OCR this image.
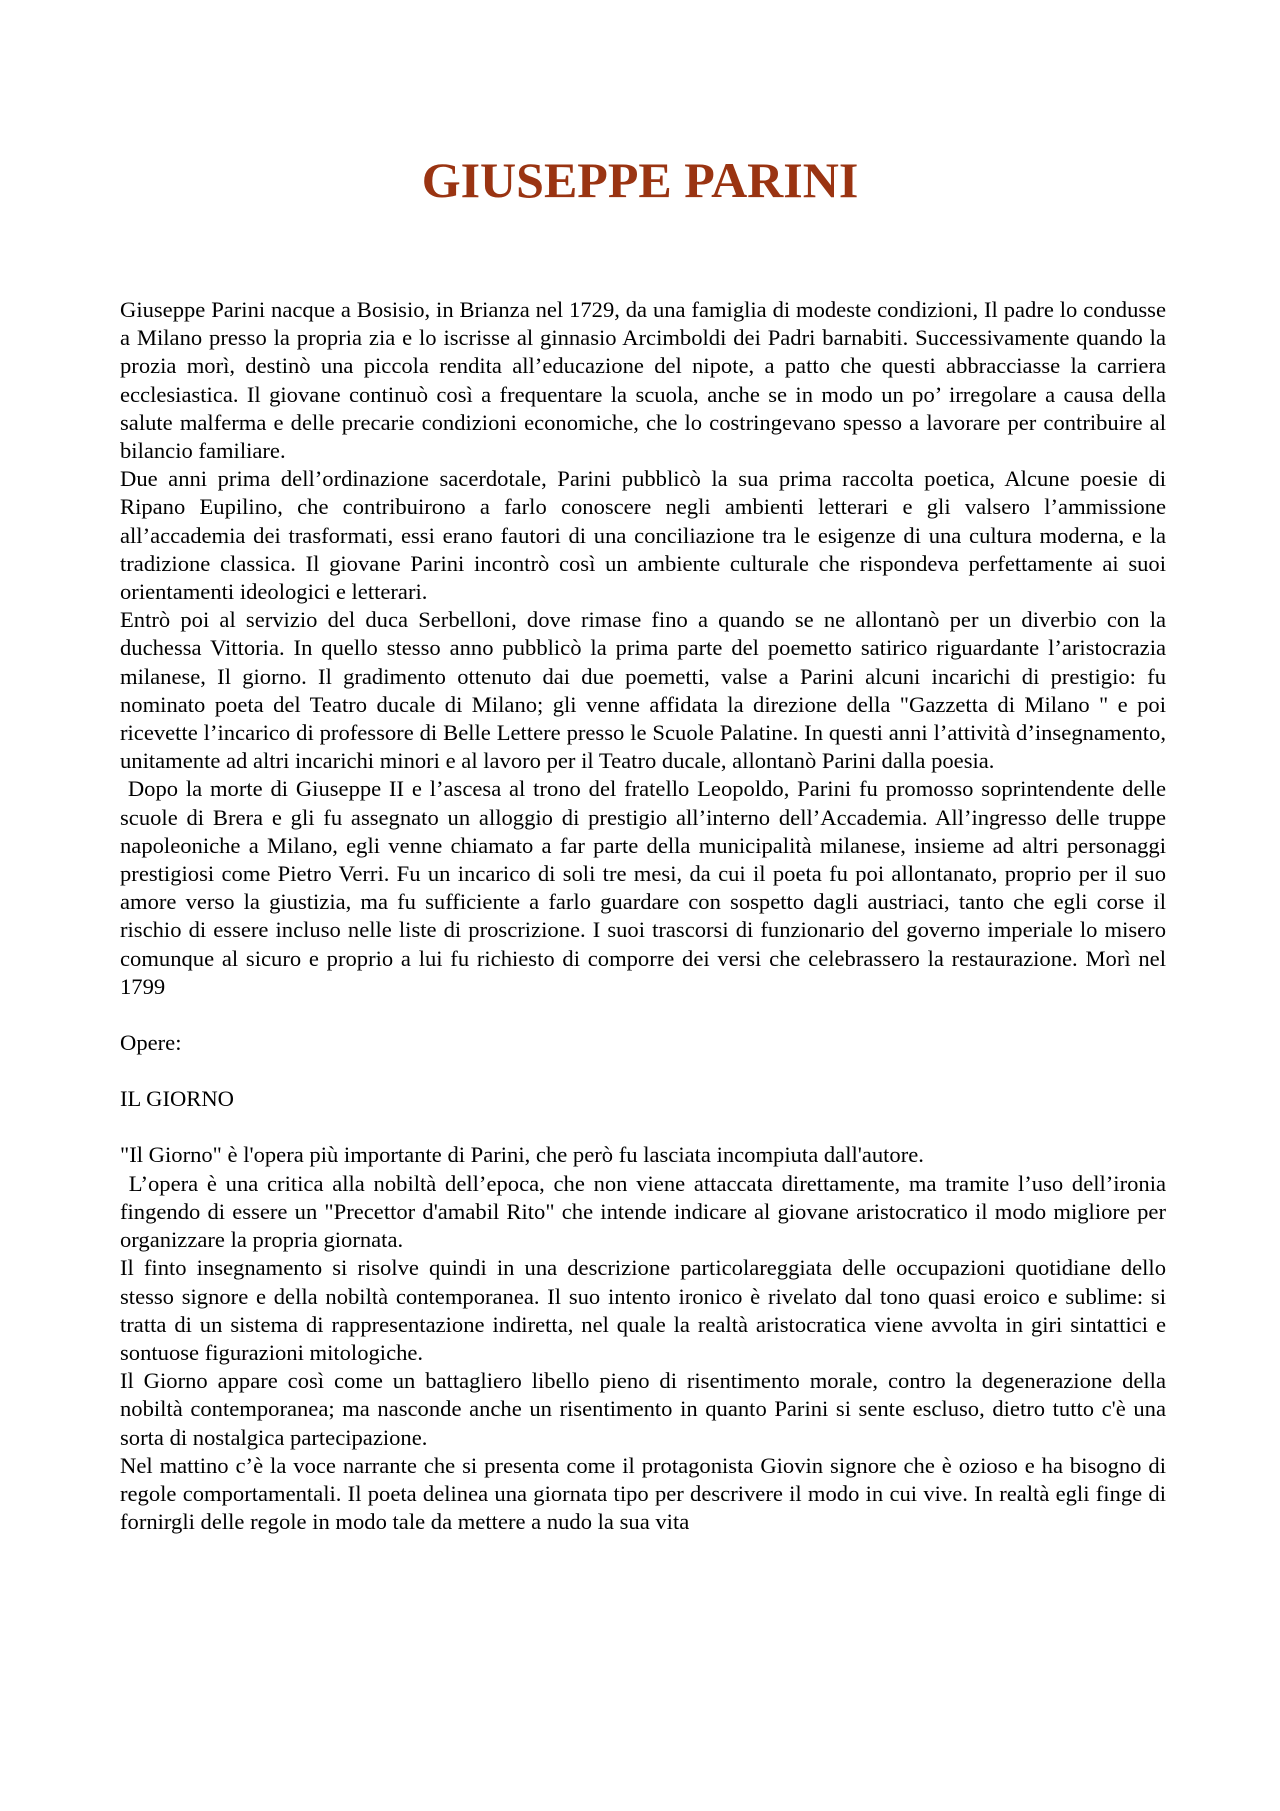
GIUSEPPE PARINI

Giuseppe Parini nacque a Bosisio, in Brianza nel 1729, da una famiglia di modeste condizioni, Il padre lo condusse a Milano presso la propria zia e lo iscrisse al ginnasio Arcimboldi dei Padri barnabiti. Successivamente quando la prozia morì, destinò una piccola rendita all’educazione del nipote, a patto che questi abbracciasse la carriera ecclesiastica. Il giovane continuò così a frequentare la scuola, anche se in modo un po’ irregolare a causa della salute malferma e delle precarie condizioni economiche, che lo costringevano spesso a lavorare per contribuire al bilancio familiare.

Due anni prima dell’ordinazione sacerdotale, Parini pubblicò la sua prima raccolta poetica, Alcune poesie di Ripano Eupilino, che contribuirono a farlo conoscere negli ambienti letterari e gli valsero l’ammissione all’accademia dei trasformati, essi erano fautori di una conciliazione tra le esigenze di una cultura moderna, e la tradizione classica. Il giovane Parini incontrò così un ambiente culturale che rispondeva perfettamente ai suoi orientamenti ideologici e letterari.

Entrò poi al servizio del duca Serbelloni, dove rimase fino a quando se ne allontanò per un diverbio con la duchessa Vittoria. In quello stesso anno pubblicò la prima parte del poemetto satirico riguardante l’aristocrazia milanese, Il giorno. Il gradimento ottenuto dai due poemetti, valse a Parini alcuni incarichi di prestigio: fu nominato poeta del Teatro ducale di Milano; gli venne affidata la direzione della "Gazzetta di Milano " e poi ricevette l’incarico di professore di Belle Lettere presso le Scuole Palatine. In questi anni l’attività d’insegnamento, unitamente ad altri incarichi minori e al lavoro per il Teatro ducale, allontanò Parini dalla poesia.

Dopo la morte di Giuseppe II e l’ascesa al trono del fratello Leopoldo, Parini fu promosso soprintendente delle scuole di Brera e gli fu assegnato un alloggio di prestigio all’interno dell’Accademia. All’ingresso delle truppe napoleoniche a Milano, egli venne chiamato a far parte della municipalità milanese, insieme ad altri personaggi prestigiosi come Pietro Verri. Fu un incarico di soli tre mesi, da cui il poeta fu poi allontanato, proprio per il suo amore verso la giustizia, ma fu sufficiente a farlo guardare con sospetto dagli austriaci, tanto che egli corse il rischio di essere incluso nelle liste di proscrizione. I suoi trascorsi di funzionario del governo imperiale lo misero comunque al sicuro e proprio a lui fu richiesto di comporre dei versi che celebrassero la restaurazione. Morì nel 1799

Opere:

IL GIORNO

"Il Giorno" è l'opera più importante di Parini, che però fu lasciata incompiuta dall'autore.

L’opera è una critica alla nobiltà dell’epoca, che non viene attaccata direttamente, ma tramite l’uso dell’ironia fingendo di essere un "Precettor d'amabil Rito" che intende indicare al giovane aristocratico il modo migliore per organizzare la propria giornata.

Il finto insegnamento si risolve quindi in una descrizione particolareggiata delle occupazioni quotidiane dello stesso signore e della nobiltà contemporanea. Il suo intento ironico è rivelato dal tono quasi eroico e sublime: si tratta di un sistema di rappresentazione indiretta, nel quale la realtà aristocratica viene avvolta in giri sintattici e sontuose figurazioni mitologiche.

Il Giorno appare così come un battagliero libello pieno di risentimento morale, contro la degenerazione della nobiltà contemporanea; ma nasconde anche un risentimento in quanto Parini si sente escluso, dietro tutto c'è una sorta di nostalgica partecipazione.

Nel mattino c’è la voce narrante che si presenta come il protagonista Giovin signore che è ozioso e ha bisogno di regole comportamentali. Il poeta delinea una giornata tipo per descrivere il modo in cui vive. In realtà egli finge di fornirgli delle regole in modo tale da mettere a nudo la sua vita
